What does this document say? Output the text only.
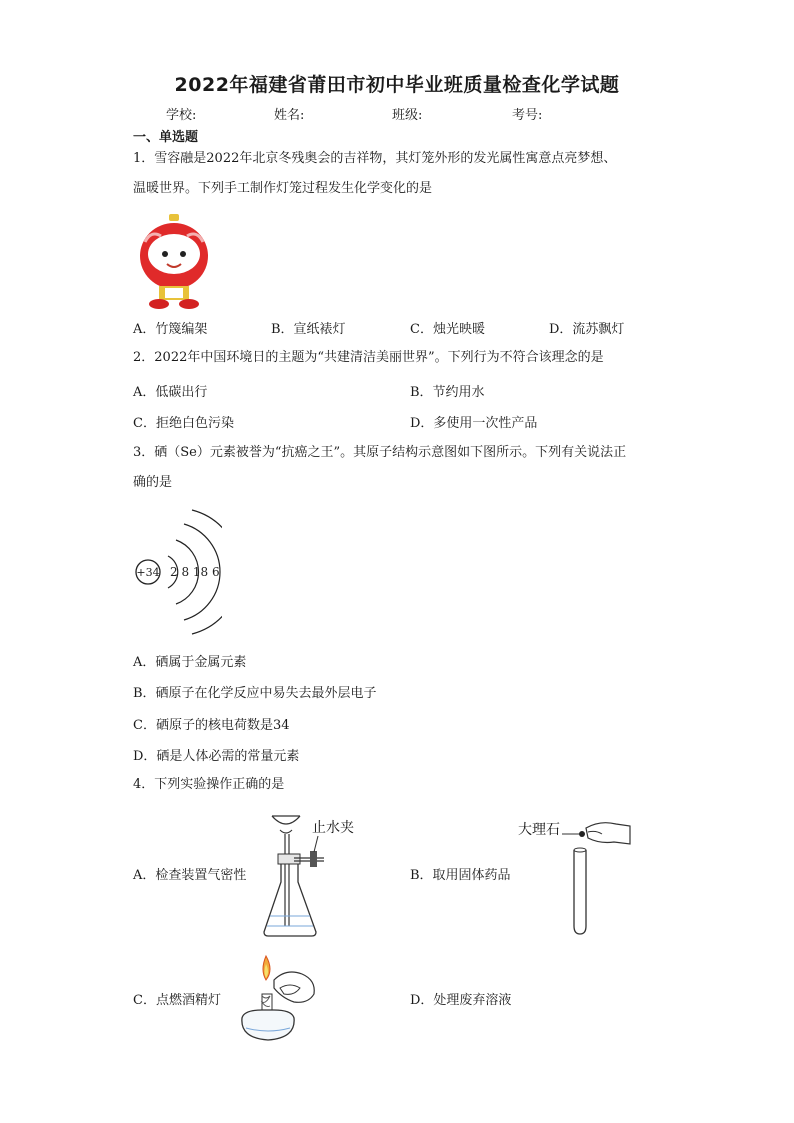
2022年福建省莆田市初中毕业班质量检查化学试题
学校:	姓名:	班级:	考号:
一、单选题
1．雪容融是2022年北京冬残奥会的吉祥物，其灯笼外形的发光属性寓意点亮梦想、
温暖世界。下列手工制作灯笼过程发生化学变化的是
A．竹篾编架	B．宣纸裱灯	C．烛光映暖	D．流苏飘灯
2．2022年中国环境日的主题为“共建清洁美丽世界”。下列行为不符合该理念的是
A．低碳出行	B．节约用水
C．拒绝白色污染	D．多使用一次性产品
3．硒（Se）元素被誉为“抗癌之王”。其原子结构示意图如下图所示。下列有关说法正
确的是
+34 2 8 18 6
A．硒属于金属元素
B．硒原子在化学反应中易失去最外层电子
C．硒原子的核电荷数是34
D．硒是人体必需的常量元素
4．下列实验操作正确的是
止水夹
A．检查装置气密性
大理石
B．取用固体药品
C．点燃酒精灯	D．处理废弃溶液
